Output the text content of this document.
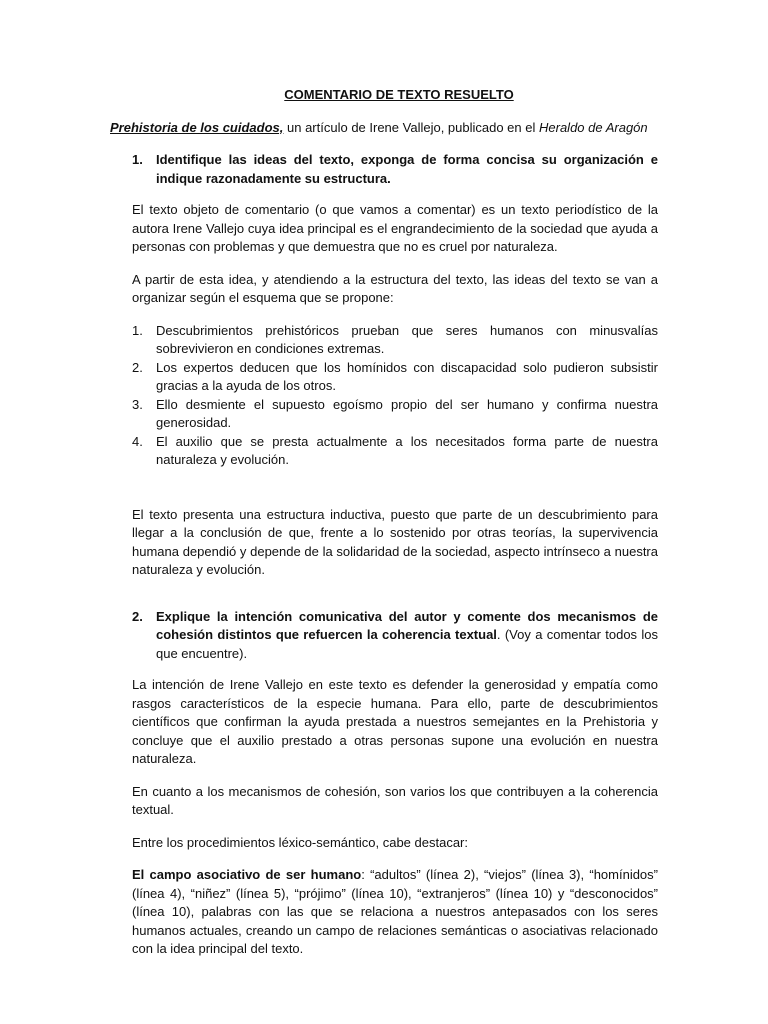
COMENTARIO DE TEXTO RESUELTO
Prehistoria de los cuidados, un artículo de Irene Vallejo, publicado en el Heraldo de Aragón
1.	Identifique las ideas del texto, exponga de forma concisa su organización e indique razonadamente su estructura.

El texto objeto de comentario (o que vamos a comentar) es un texto periodístico de la autora Irene Vallejo cuya idea principal es el engrandecimiento de la sociedad que ayuda a personas con problemas y que demuestra que no es cruel por naturaleza.

A partir de esta idea, y atendiendo a la estructura del texto, las ideas del texto se van a organizar según el esquema que se propone:

1.	Descubrimientos prehistóricos prueban que seres humanos con minusvalías sobrevivieron en condiciones extremas.
2.	Los expertos deducen que los homínidos con discapacidad solo pudieron subsistir gracias a la ayuda de los otros.
3.	Ello desmiente el supuesto egoísmo propio del ser humano y confirma nuestra generosidad.
4.	El auxilio que se presta actualmente a los necesitados forma parte de nuestra naturaleza y evolución.

El texto presenta una estructura inductiva, puesto que parte de un descubrimiento para llegar a la conclusión de que, frente a lo sostenido por otras teorías, la supervivencia humana dependió y depende de la solidaridad de la sociedad, aspecto intrínseco a nuestra naturaleza y evolución.

2.	Explique la intención comunicativa del autor y comente dos mecanismos de cohesión distintos que refuercen la coherencia textual. (Voy a comentar todos los que encuentre).

La intención de Irene Vallejo en este texto es defender la generosidad y empatía como rasgos característicos de la especie humana. Para ello, parte de descubrimientos científicos que confirman la ayuda prestada a nuestros semejantes en la Prehistoria y concluye que el auxilio prestado a otras personas supone una evolución en nuestra naturaleza.

En cuanto a los mecanismos de cohesión, son varios los que contribuyen a la coherencia textual.

Entre los procedimientos léxico-semántico, cabe destacar:

El campo asociativo de ser humano: “adultos” (línea 2), “viejos” (línea 3), “homínidos” (línea 4), “niñez” (línea 5), “prójimo” (línea 10), “extranjeros” (línea 10) y “desconocidos” (línea 10), palabras con las que se relaciona a nuestros antepasados con los seres humanos actuales, creando un campo de relaciones semánticas o asociativas relacionado con la idea principal del texto.
